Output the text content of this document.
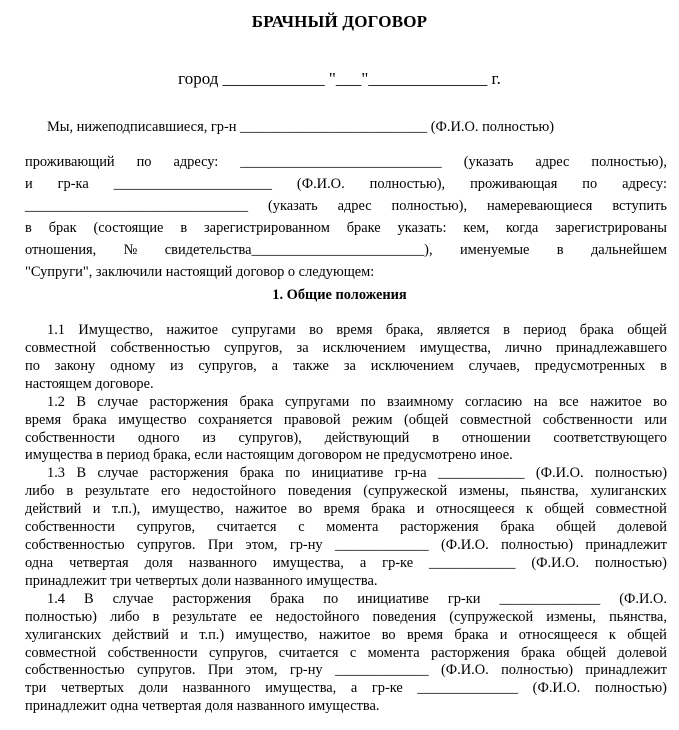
БРАЧНЫЙ ДОГОВОР
город ____________ "___"______________ г.
Мы, нижеподписавшиеся, гр-н __________________________ (Ф.И.О. полностью)
проживающий по адресу: ____________________________ (указать адрес полностью),
и гр-ка ______________________ (Ф.И.О. полностью), проживающая по адресу:
_______________________________ (указать адрес полностью), намеревающиеся вступить
в брак (состоящие в зарегистрированном браке указать: кем, когда зарегистрированы
отношения, № свидетельства________________________), именуемые в дальнейшем
"Супруги", заключили настоящий договор о следующем:
1. Общие положения
1.1 Имущество, нажитое супругами во время брака, является в период брака общей
совместной собственностью супругов, за исключением имущества, лично принадлежавшего
по закону одному из супругов, а также за исключением случаев, предусмотренных в
настоящем договоре.
1.2 В случае расторжения брака супругами по взаимному согласию на все нажитое во
время брака имущество сохраняется правовой режим (общей совместной собственности или
собственности одного из супругов), действующий в отношении соответствующего
имущества в период брака, если настоящим договором не предусмотрено иное.
1.3 В случае расторжения брака по инициативе гр-на ____________ (Ф.И.О. полностью)
либо в результате его недостойного поведения (супружеской измены, пьянства, хулиганских
действий и т.п.), имущество, нажитое во время брака и относящееся к общей совместной
собственности супругов, считается с момента расторжения брака общей долевой
собственностью супругов. При этом, гр-ну _____________ (Ф.И.О. полностью) принадлежит
одна четвертая доля названного имущества, а гр-ке ____________ (Ф.И.О. полностью)
принадлежит три четвертых доли названного имущества.
1.4 В случае расторжения брака по инициативе гр-ки ______________ (Ф.И.О.
полностью) либо в результате ее недостойного поведения (супружеской измены, пьянства,
хулиганских действий и т.п.) имущество, нажитое во время брака и относящееся к общей
совместной собственности супругов, считается с момента расторжения брака общей долевой
собственностью супругов. При этом, гр-ну _____________ (Ф.И.О. полностью) принадлежит
три четвертых доли названного имущества, а гр-ке ______________ (Ф.И.О. полностью)
принадлежит одна четвертая доля названного имущества.
